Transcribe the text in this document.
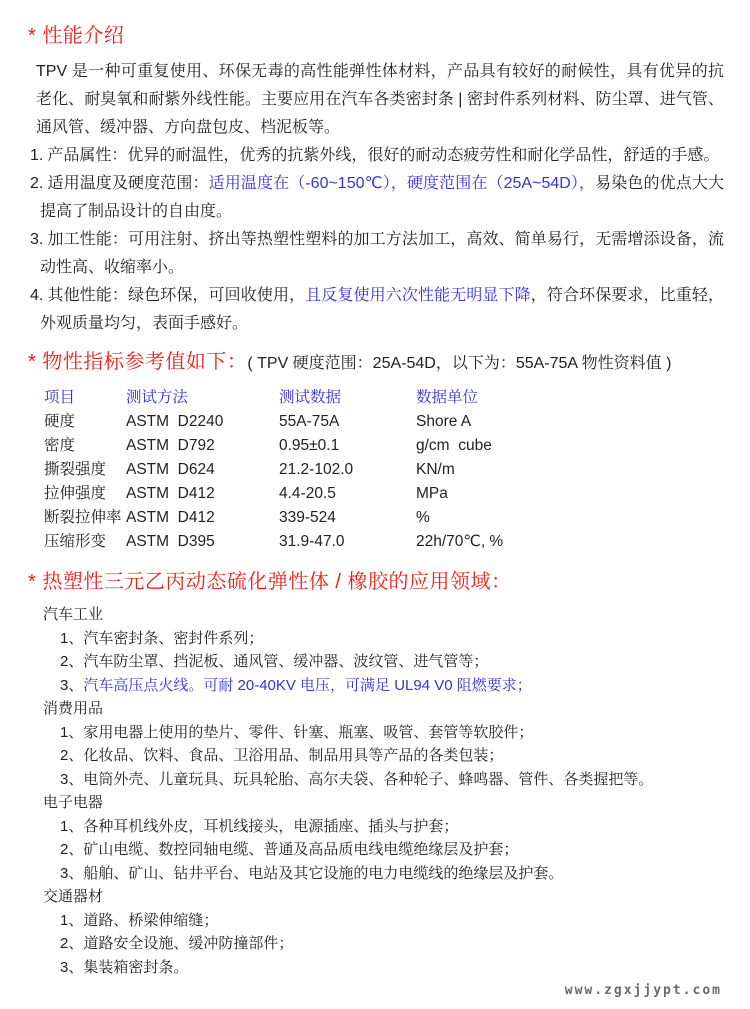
* 性能介绍

TPV 是一种可重复使用、环保无毒的高性能弹性体材料，产品具有较好的耐候性，具有优异的抗老化、耐臭氧和耐紫外线性能。主要应用在汽车各类密封条 | 密封件系列材料、防尘罩、进气管、通风管、缓冲器、方向盘包皮、档泥板等。

1. 产品属性：优异的耐温性，优秀的抗紫外线，很好的耐动态疲劳性和耐化学品性，舒适的手感。
2. 适用温度及硬度范围：适用温度在（-60~150℃），硬度范围在（25A~54D），易染色的优点大大提高了制品设计的自由度。
3. 加工性能：可用注射、挤出等热塑性塑料的加工方法加工，高效、简单易行，无需增添设备，流动性高、收缩率小。
4. 其他性能：绿色环保，可回收使用，且反复使用六次性能无明显下降，符合环保要求，比重轻，外观质量均匀，表面手感好。
* 物性指标参考值如下：( TPV 硬度范围：25A-54D，以下为：55A-75A 物性资料值 )
项目	测试方法	测试数据	数据单位
硬度	ASTM  D2240	55A-75A	Shore A
密度	ASTM  D792	0.95±0.1	g/cm  cube
撕裂强度	ASTM  D624	21.2-102.0	KN/m
拉伸强度	ASTM  D412	4.4-20.5	MPa
断裂拉伸率	ASTM  D412	339-524	%
压缩形变	ASTM  D395	31.9-47.0	22h/70℃, %
* 热塑性三元乙丙动态硫化弹性体 / 橡胶的应用领域：
汽车工业
1、汽车密封条、密封件系列；
2、汽车防尘罩、挡泥板、通风管、缓冲器、波纹管、进气管等；
3、汽车高压点火线。可耐 20-40KV 电压，可满足 UL94 V0 阻燃要求；
消费用品
1、家用电器上使用的垫片、零件、针塞、瓶塞、吸管、套管等软胶件；
2、化妆品、饮料、食品、卫浴用品、制品用具等产品的各类包装；
3、电筒外壳、儿童玩具、玩具轮胎、高尔夫袋、各种轮子、蜂鸣器、管件、各类握把等。
电子电器
1、各种耳机线外皮，耳机线接头，电源插座、插头与护套；
2、矿山电缆、数控同轴电缆、普通及高品质电线电缆绝缘层及护套；
3、船舶、矿山、钻井平台、电站及其它设施的电力电缆线的绝缘层及护套。
交通器材
1、道路、桥梁伸缩缝；
2、道路安全设施、缓冲防撞部件；
3、集装箱密封条。
www.zgxjjypt.com
